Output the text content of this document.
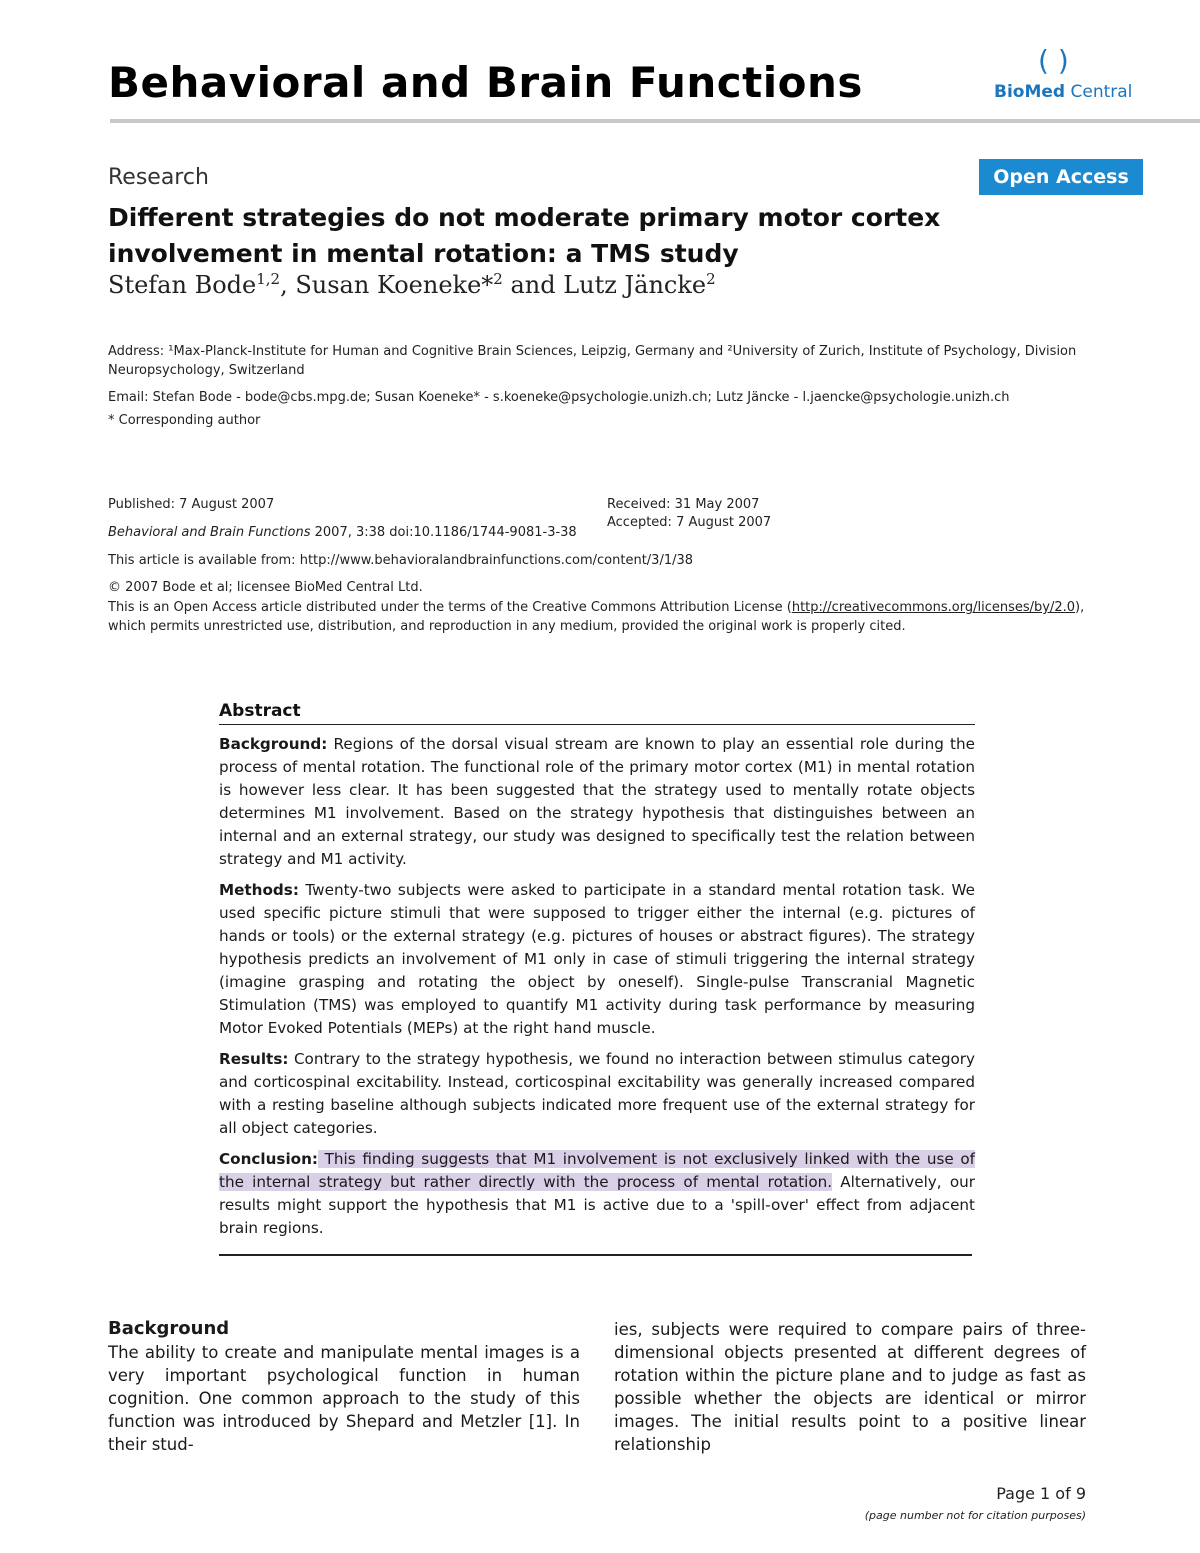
Behavioral and Brain Functions	( )
BioMed Central
Research	Open Access
Different strategies do not moderate primary motor cortex involvement in mental rotation: a TMS study
Stefan Bode$^{1,2}$, Susan Koeneke*$^2$ and Lutz Jäncke$^2$
Address: ¹Max-Planck-Institute for Human and Cognitive Brain Sciences, Leipzig, Germany and ²University of Zurich, Institute of Psychology, Division Neuropsychology, Switzerland
Email: Stefan Bode - bode@cbs.mpg.de; Susan Koeneke* - s.koeneke@psychologie.unizh.ch; Lutz Jäncke - l.jaencke@psychologie.unizh.ch
* Corresponding author
Published: 7 August 2007
Behavioral and Brain Functions 2007, 3:38 doi:10.1186/1744-9081-3-38
Received: 31 May 2007
Accepted: 7 August 2007
This article is available from: http://www.behavioralandbrainfunctions.com/content/3/1/38
© 2007 Bode et al; licensee BioMed Central Ltd.
This is an Open Access article distributed under the terms of the Creative Commons Attribution License (http://creativecommons.org/licenses/by/2.0), which permits unrestricted use, distribution, and reproduction in any medium, provided the original work is properly cited.
Abstract
Background: Regions of the dorsal visual stream are known to play an essential role during the process of mental rotation. The functional role of the primary motor cortex (M1) in mental rotation is however less clear. It has been suggested that the strategy used to mentally rotate objects determines M1 involvement. Based on the strategy hypothesis that distinguishes between an internal and an external strategy, our study was designed to specifically test the relation between strategy and M1 activity.
Methods: Twenty-two subjects were asked to participate in a standard mental rotation task. We used specific picture stimuli that were supposed to trigger either the internal (e.g. pictures of hands or tools) or the external strategy (e.g. pictures of houses or abstract figures). The strategy hypothesis predicts an involvement of M1 only in case of stimuli triggering the internal strategy (imagine grasping and rotating the object by oneself). Single-pulse Transcranial Magnetic Stimulation (TMS) was employed to quantify M1 activity during task performance by measuring Motor Evoked Potentials (MEPs) at the right hand muscle.
Results: Contrary to the strategy hypothesis, we found no interaction between stimulus category and corticospinal excitability. Instead, corticospinal excitability was generally increased compared with a resting baseline although subjects indicated more frequent use of the external strategy for all object categories.
Conclusion: This finding suggests that M1 involvement is not exclusively linked with the use of the internal strategy but rather directly with the process of mental rotation. Alternatively, our results might support the hypothesis that M1 is active due to a 'spill-over' effect from adjacent brain regions.
Background
The ability to create and manipulate mental images is a very important psychological function in human cognition. One common approach to the study of this function was introduced by Shepard and Metzler [1]. In their stud-
ies, subjects were required to compare pairs of three-dimensional objects presented at different degrees of rotation within the picture plane and to judge as fast as possible whether the objects are identical or mirror images. The initial results point to a positive linear relationship
Page 1 of 9
(page number not for citation purposes)
